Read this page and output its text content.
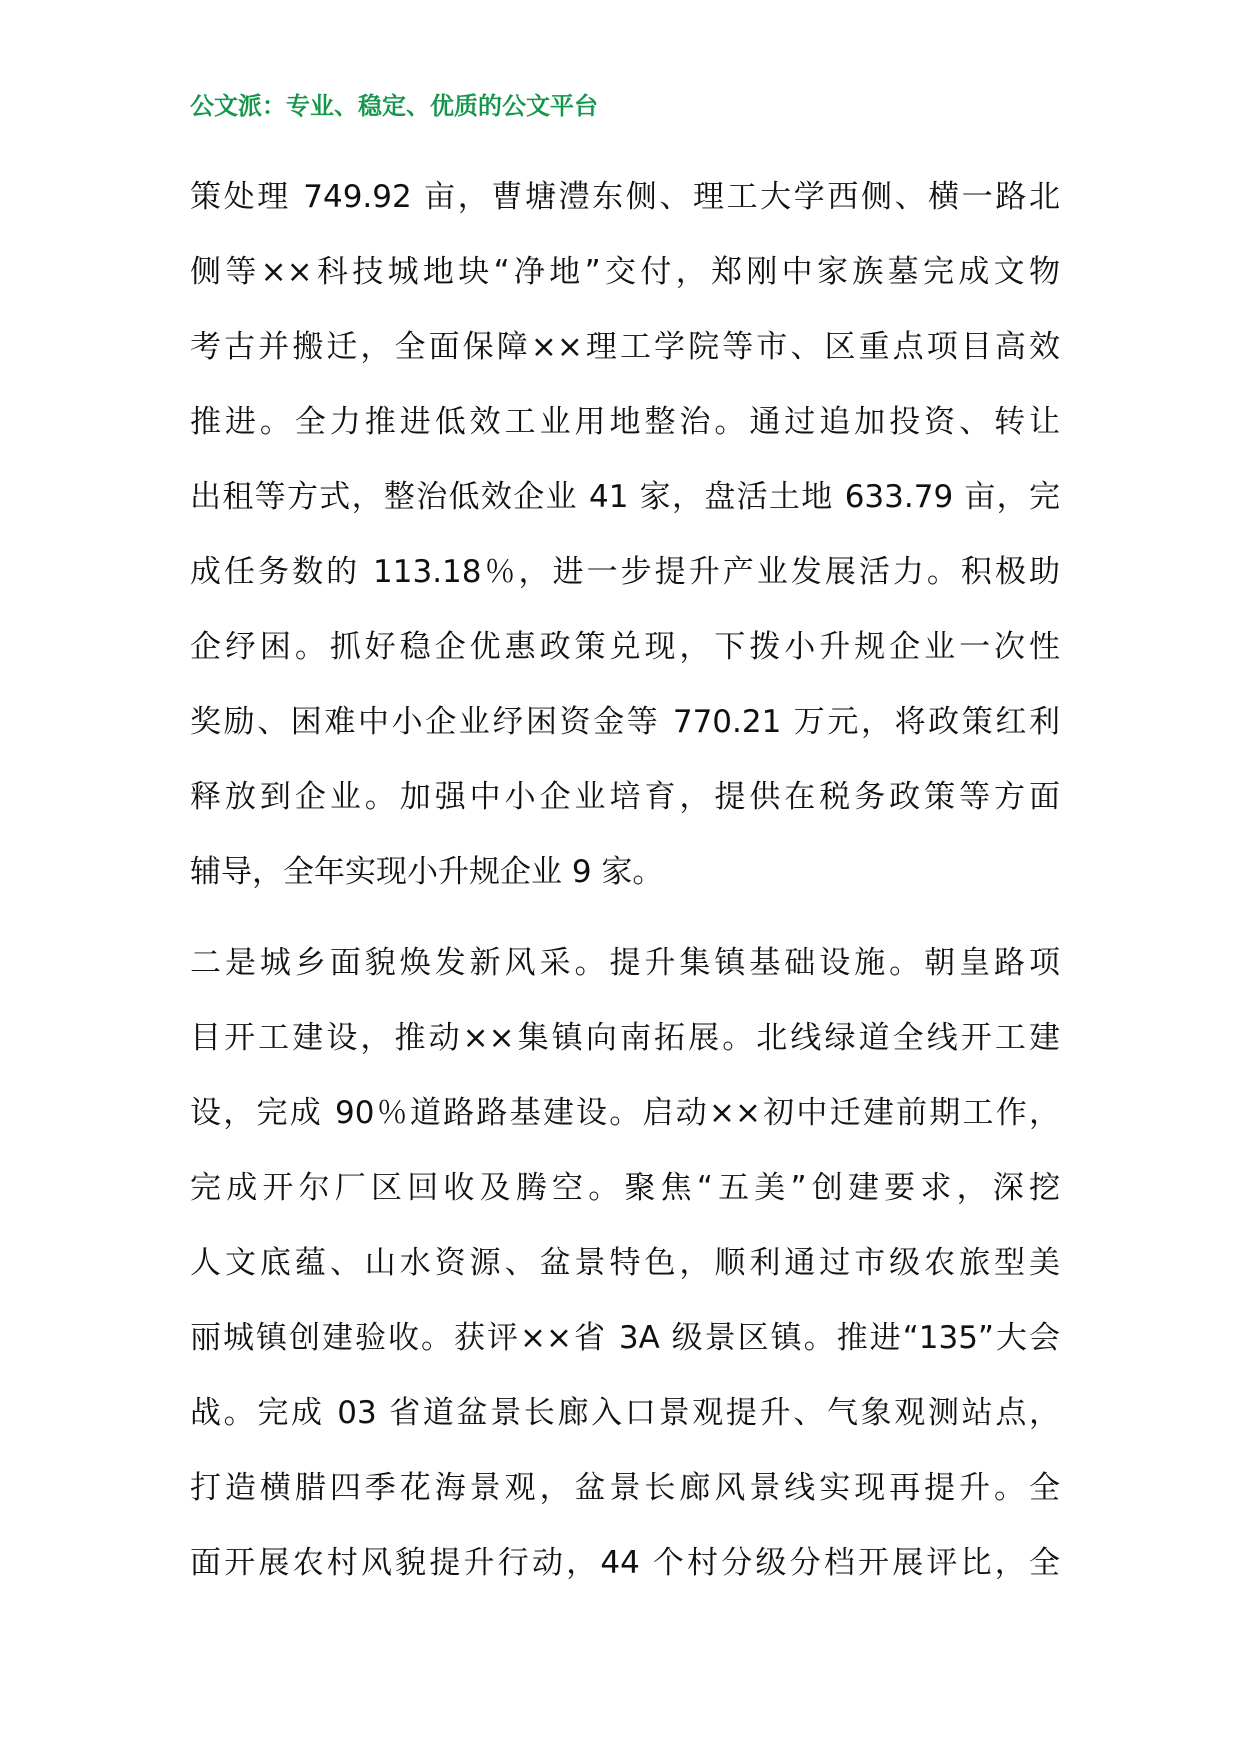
公文派：专业、稳定、优质的公文平台
策处理 749.92 亩，曹塘澧东侧、理工大学西侧、横一路北
侧等××科技城地块“净地”交付，郑刚中家族墓完成文物
考古并搬迁，全面保障××理工学院等市、区重点项目高效
推进。全力推进低效工业用地整治。通过追加投资、转让
出租等方式，整治低效企业 41 家，盘活土地 633.79 亩，完
成任务数的 113.18％，进一步提升产业发展活力。积极助
企纾困。抓好稳企优惠政策兑现，下拨小升规企业一次性
奖励、困难中小企业纾困资金等 770.21 万元，将政策红利
释放到企业。加强中小企业培育，提供在税务政策等方面
辅导，全年实现小升规企业 9 家。
二是城乡面貌焕发新风采。提升集镇基础设施。朝皇路项
目开工建设，推动××集镇向南拓展。北线绿道全线开工建
设，完成 90％道路路基建设。启动××初中迁建前期工作，
完成开尔厂区回收及腾空。聚焦“五美”创建要求，深挖
人文底蕴、山水资源、盆景特色，顺利通过市级农旅型美
丽城镇创建验收。获评××省 3A 级景区镇。推进“135”大会
战。完成 03 省道盆景长廊入口景观提升、气象观测站点，
打造横腊四季花海景观，盆景长廊风景线实现再提升。全
面开展农村风貌提升行动，44 个村分级分档开展评比，全
